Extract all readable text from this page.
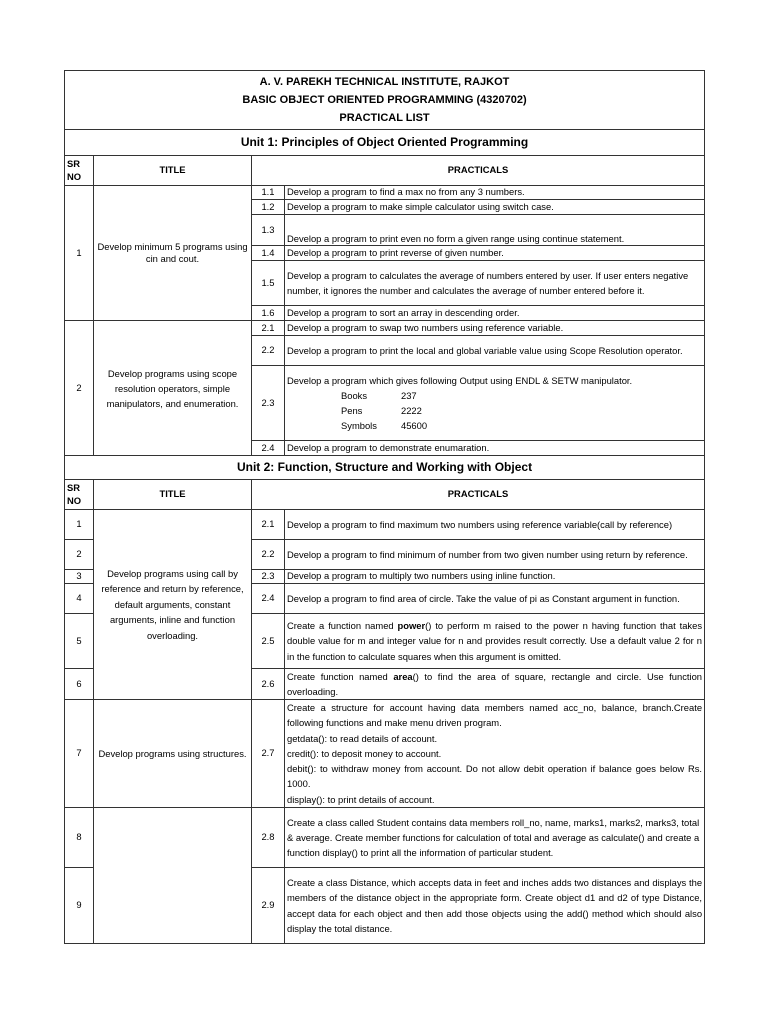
A. V. PAREKH TECHNICAL INSTITUTE, RAJKOT
BASIC OBJECT ORIENTED PROGRAMMING (4320702)
PRACTICAL LIST			

Unit 1: Principles of Object Oriented Programming			
SR NO	TITLE	PRACTICALS	
1	Develop minimum 5 programs using cin and cout.	1.1	Develop a program to find a max no from any 3 numbers.
		1.2	Develop a program to make simple calculator using switch case.
		1.3	Develop a program to print even no form a given range using continue statement.
		1.4	Develop a program to print reverse of given number.
		1.5	Develop a program to calculates the average of numbers entered by user. If user enters negative number, it ignores the number and calculates the average of number entered before it.
		1.6	Develop a program to sort an array in descending order.
2	Develop programs using scope resolution operators, simple manipulators, and enumeration.	2.1	Develop a program to swap two numbers using reference variable.
		2.2	Develop a program to print the local and global variable value using Scope Resolution operator.
		2.3	Develop a program which gives following Output using ENDL & SETW manipulator.
Books 237
Pens 2222
Symbols 45600

		2.4	Develop a program to demonstrate enumaration.
Unit 2: Function, Structure and Working with Object			
SR NO	TITLE	PRACTICALS	
1	Develop programs using call by reference and return by reference, default arguments, constant arguments, inline and function overloading.	2.1	Develop a program to find maximum two numbers using reference variable(call by reference)
2		2.2	Develop a program to find minimum of number from two given number using return by reference.
3		2.3	Develop a program to multiply two numbers using inline function.
4		2.4	Develop a program to find area of circle. Take the value of pi as Constant argument in function.
5		2.5	Create a function named power() to perform m raised to the power n having function that takes double value for m and integer value for n and provides result correctly. Use a default value 2 for n in the function to calculate squares when this argument is omitted.
6		2.6	Create function named area() to find the area of square, rectangle and circle. Use function overloading.
7	Develop programs using structures.	2.7	Create a structure for account having data members named acc_no, balance, branch.Create following functions and make menu driven program.
getdata(): to read details of account.
credit(): to deposit money to account.
debit(): to withdraw money from account. Do not allow debit operation if balance goes below Rs. 1000.
display(): to print details of account.

8		2.8	Create a class called Student contains data members roll_no, name, marks1, marks2, marks3, total & average. Create member functions for calculation of total and average as calculate() and create a function display() to print all the information of particular student.
9		2.9	Create a class Distance, which accepts data in feet and inches adds two distances and displays the members of the distance object in the appropriate form. Create object d1 and d2 of type Distance, accept data for each object and then add those objects using the add() method which should also display the total distance.
